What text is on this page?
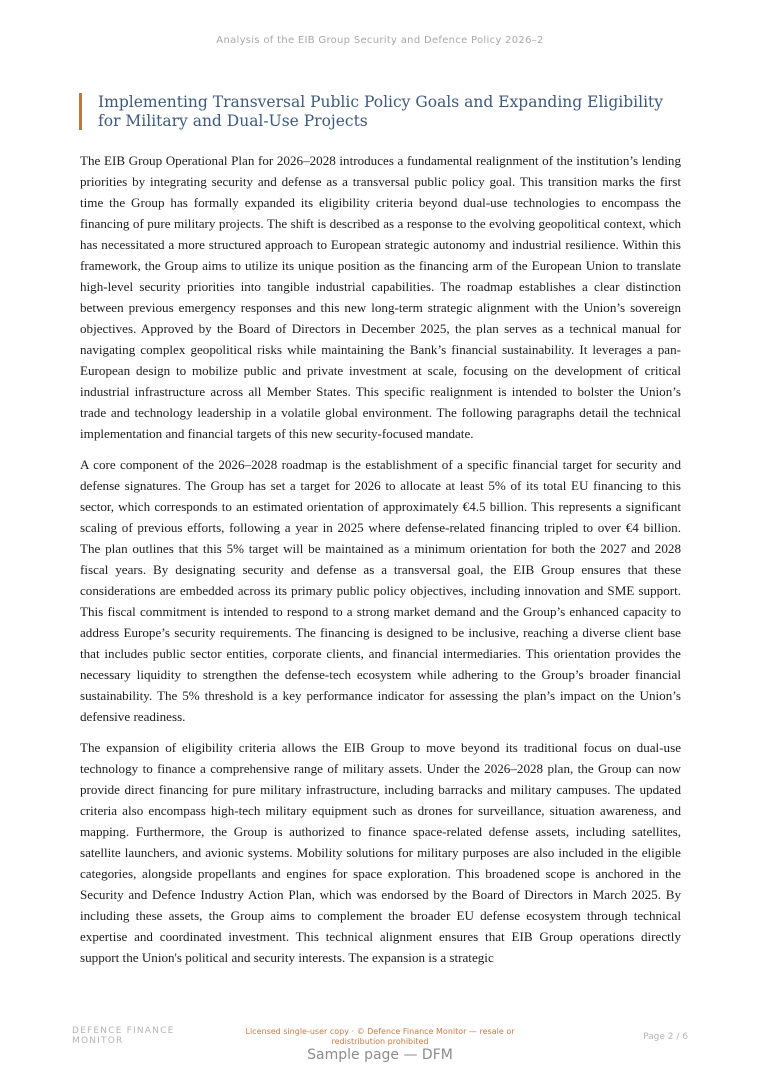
Analysis of the EIB Group Security and Defence Policy 2026–2
Implementing Transversal Public Policy Goals and Expanding Eligibility for Military and Dual-Use Projects

The EIB Group Operational Plan for 2026–2028 introduces a fundamental realignment of the institution’s lending priorities by integrating security and defense as a transversal public policy goal. This transition marks the first time the Group has formally expanded its eligibility criteria beyond dual-use technologies to encompass the financing of pure military projects. The shift is described as a response to the evolving geopolitical context, which has necessitated a more structured approach to European strategic autonomy and industrial resilience. Within this framework, the Group aims to utilize its unique position as the financing arm of the European Union to translate high-level security priorities into tangible industrial capabilities. The roadmap establishes a clear distinction between previous emergency responses and this new long-term strategic alignment with the Union’s sovereign objectives. Approved by the Board of Directors in December 2025, the plan serves as a technical manual for navigating complex geopolitical risks while maintaining the Bank’s financial sustainability. It leverages a pan-European design to mobilize public and private investment at scale, focusing on the development of critical industrial infrastructure across all Member States. This specific realignment is intended to bolster the Union’s trade and technology leadership in a volatile global environment. The following paragraphs detail the technical implementation and financial targets of this new security-focused mandate.

A core component of the 2026–2028 roadmap is the establishment of a specific financial target for security and defense signatures. The Group has set a target for 2026 to allocate at least 5% of its total EU financing to this sector, which corresponds to an estimated orientation of approximately €4.5 billion. This represents a significant scaling of previous efforts, following a year in 2025 where defense-related financing tripled to over €4 billion. The plan outlines that this 5% target will be maintained as a minimum orientation for both the 2027 and 2028 fiscal years. By designating security and defense as a transversal goal, the EIB Group ensures that these considerations are embedded across its primary public policy objectives, including innovation and SME support. This fiscal commitment is intended to respond to a strong market demand and the Group’s enhanced capacity to address Europe’s security requirements. The financing is designed to be inclusive, reaching a diverse client base that includes public sector entities, corporate clients, and financial intermediaries. This orientation provides the necessary liquidity to strengthen the defense-tech ecosystem while adhering to the Group’s broader financial sustainability. The 5% threshold is a key performance indicator for assessing the plan’s impact on the Union’s defensive readiness.

The expansion of eligibility criteria allows the EIB Group to move beyond its traditional focus on dual-use technology to finance a comprehensive range of military assets. Under the 2026–2028 plan, the Group can now provide direct financing for pure military infrastructure, including barracks and military campuses. The updated criteria also encompass high-tech military equipment such as drones for surveillance, situation awareness, and mapping. Furthermore, the Group is authorized to finance space-related defense assets, including satellites, satellite launchers, and avionic systems. Mobility solutions for military purposes are also included in the eligible categories, alongside propellants and engines for space exploration. This broadened scope is anchored in the Security and Defence Industry Action Plan, which was endorsed by the Board of Directors in March 2025. By including these assets, the Group aims to complement the broader EU defense ecosystem through technical expertise and coordinated investment. This technical alignment ensures that EIB Group operations directly support the Union's political and security interests. The expansion is a strategic

DEFENCE FINANCE MONITOR
Licensed single-user copy · © Defence Finance Monitor — resale or redistribution prohibited	Page 2 / 6
Sample page — DFM
